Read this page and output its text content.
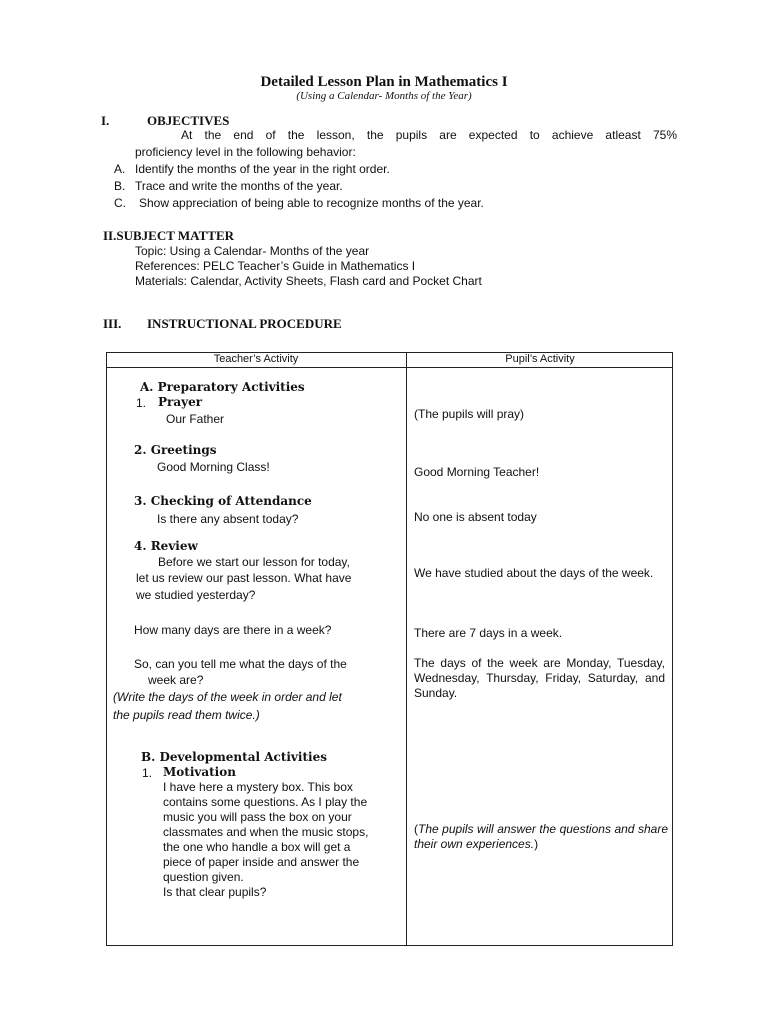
Detailed Lesson Plan in Mathematics I
(Using a Calendar- Months of the Year)
I.	OBJECTIVES
At the end of the lesson, the pupils are expected to achieve atleast 75%
proficiency level in the following behavior:
A. Identify the months of the year in the right order.
B. Trace and write the months of the year.
C. Show appreciation of being able to recognize months of the year.
II.SUBJECT MATTER
Topic: Using a Calendar- Months of the year
References: PELC Teacher’s Guide in Mathematics I
Materials: Calendar, Activity Sheets, Flash card and Pocket Chart
III. INSTRUCTIONAL PROCEDURE
Teacher’s Activity	Pupil’s Activity
A. Preparatory Activities
1. Prayer
Our Father
2. Greetings
Good Morning Class!
3. Checking of Attendance
Is there any absent today?
4. Review
Before we start our lesson for today,
let us review our past lesson. What have
we studied yesterday?
How many days are there in a week?
So, can you tell me what the days of the
week are?
(Write the days of the week in order and let
the pupils read them twice.)
B. Developmental Activities
1. Motivation
I have here a mystery box. This box
contains some questions. As I play the
music you will pass the box on your
classmates and when the music stops,
the one who handle a box will get a
piece of paper inside and answer the
question given.
Is that clear pupils?
(The pupils will pray)
Good Morning Teacher!
No one is absent today
We have studied about the days of the week.
There are 7 days in a week.
The days of the week are Monday, Tuesday, Wednesday, Thursday, Friday, Saturday, and Sunday.
(The pupils will answer the questions and share their own experiences.)
